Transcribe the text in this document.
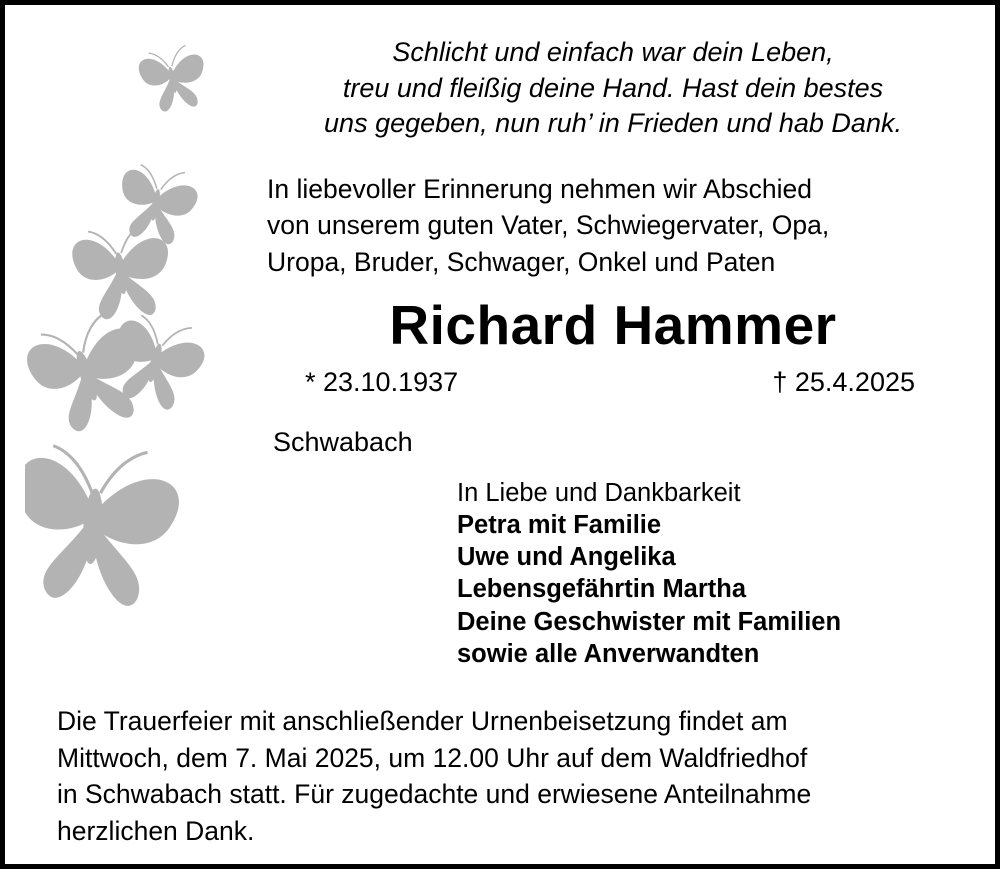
Schlicht und einfach war dein Leben,
treu und fleißig deine Hand. Hast dein bestes
uns gegeben, nun ruh’ in Frieden und hab Dank.
In liebevoller Erinnerung nehmen wir Abschied
von unserem guten Vater, Schwiegervater, Opa,
Uropa, Bruder, Schwager, Onkel und Paten
Richard Hammer
* 23.10.1937	† 25.4.2025
Schwabach
In Liebe und Dankbarkeit
Petra mit Familie
Uwe und Angelika
Lebensgefährtin Martha
Deine Geschwister mit Familien
sowie alle Anverwandten
Die Trauerfeier mit anschließender Urnenbeisetzung findet am
Mittwoch, dem 7. Mai 2025, um 12.00 Uhr auf dem Waldfriedhof
in Schwabach statt. Für zugedachte und erwiesene Anteilnahme
herzlichen Dank.
